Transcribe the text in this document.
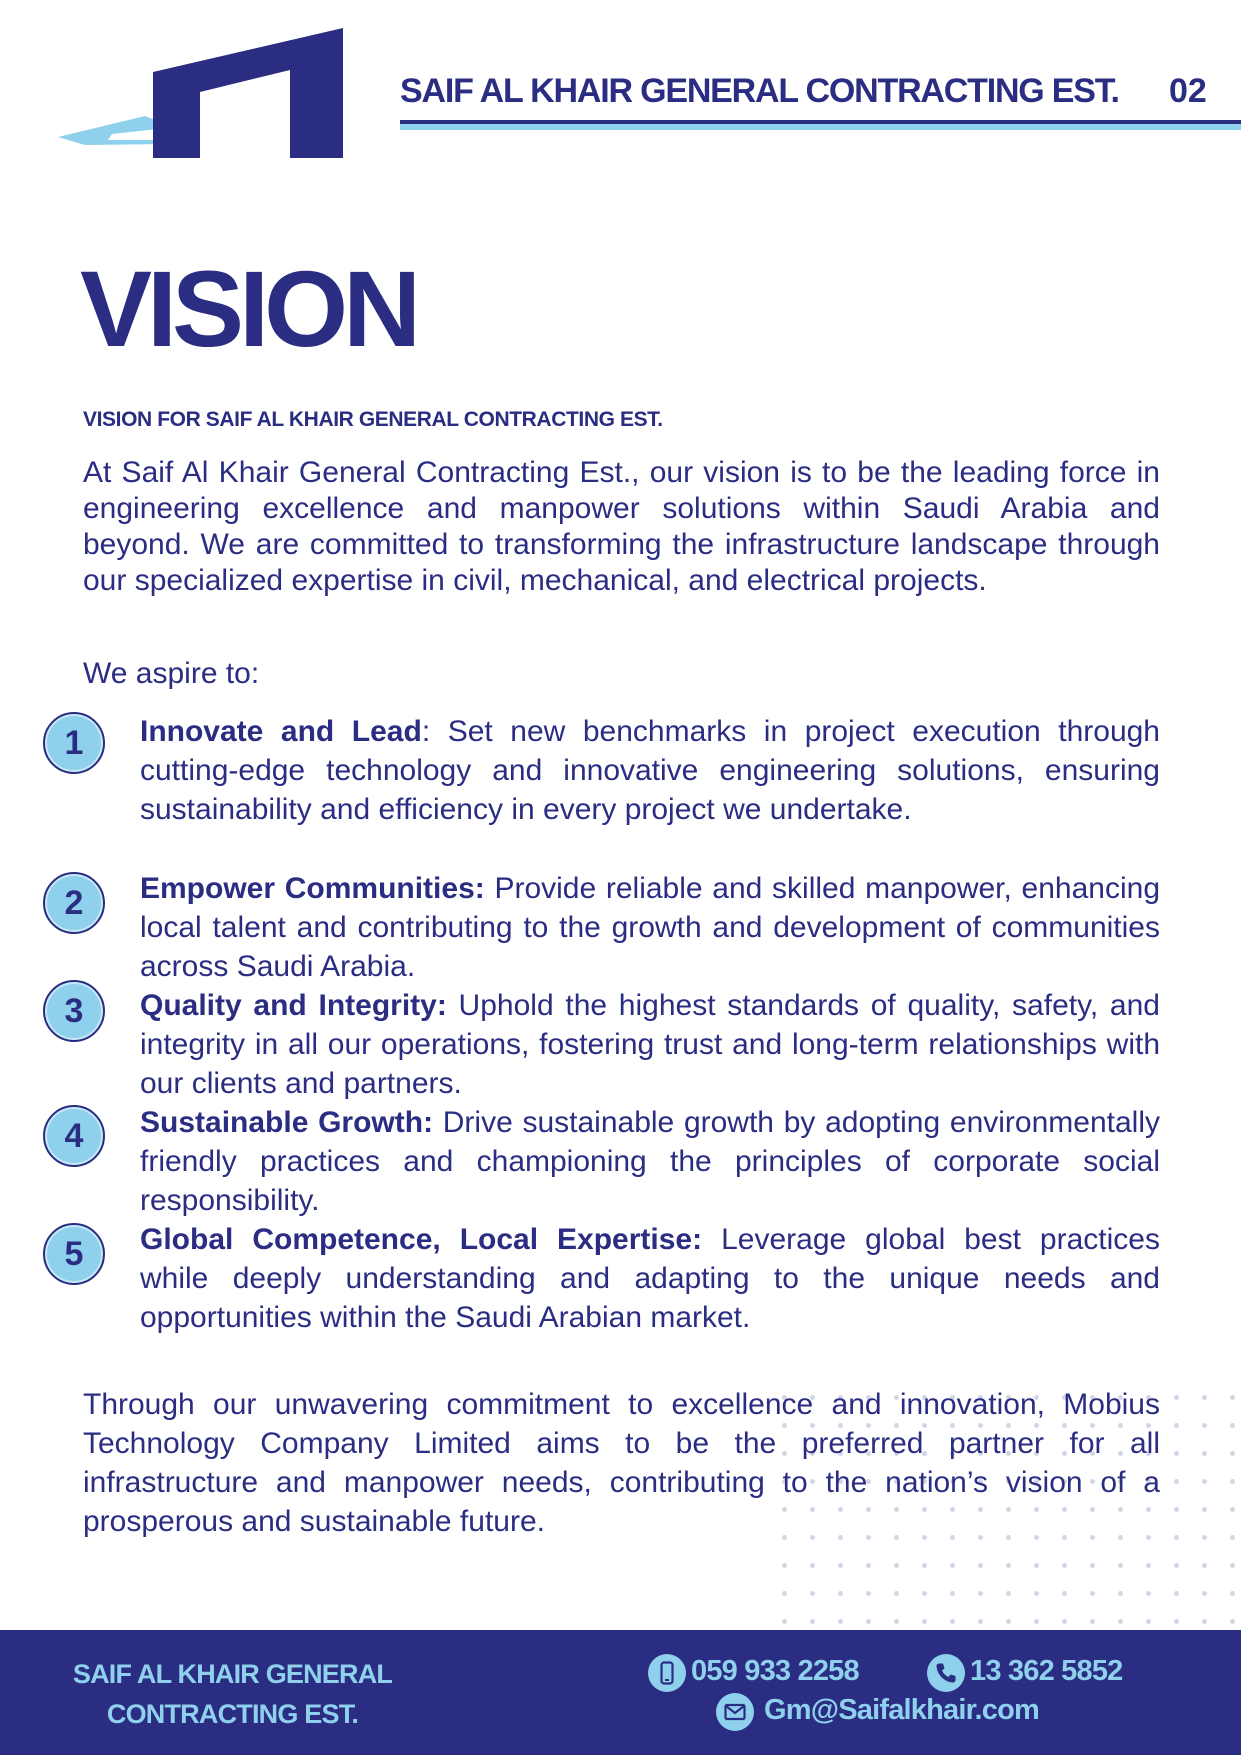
SAIF AL KHAIR GENERAL CONTRACTING EST. 02
VISION
VISION FOR SAIF AL KHAIR GENERAL CONTRACTING EST.
At Saif Al Khair General Contracting Est., our vision is to be the leading force in engineering excellence and manpower solutions within Saudi Arabia and beyond. We are committed to transforming the infrastructure landscape through our specialized expertise in civil, mechanical, and electrical projects.
We aspire to:
1	Innovate and Lead: Set new benchmarks in project execution through cutting-edge technology and innovative engineering solutions, ensuring sustainability and efficiency in every project we undertake.
2	Empower Communities: Provide reliable and skilled manpower, enhancing local talent and contributing to the growth and development of communities across Saudi Arabia.
3	Quality and Integrity: Uphold the highest standards of quality, safety, and integrity in all our operations, fostering trust and long-term relationships with our clients and partners.
4	Sustainable Growth: Drive sustainable growth by adopting environmentally friendly practices and championing the principles of corporate social responsibility.
5	Global Competence, Local Expertise: Leverage global best practices while deeply understanding and adapting to the unique needs and opportunities within the Saudi Arabian market.
Through our unwavering commitment to excellence and innovation, Mobius Technology Company Limited aims to be the preferred partner for all infrastructure and manpower needs, contributing to the nation’s vision of a prosperous and sustainable future.
SAIF AL KHAIR GENERAL
CONTRACTING EST.
059 933 2258	13 362 5852
Gm@Saifalkhair.com
